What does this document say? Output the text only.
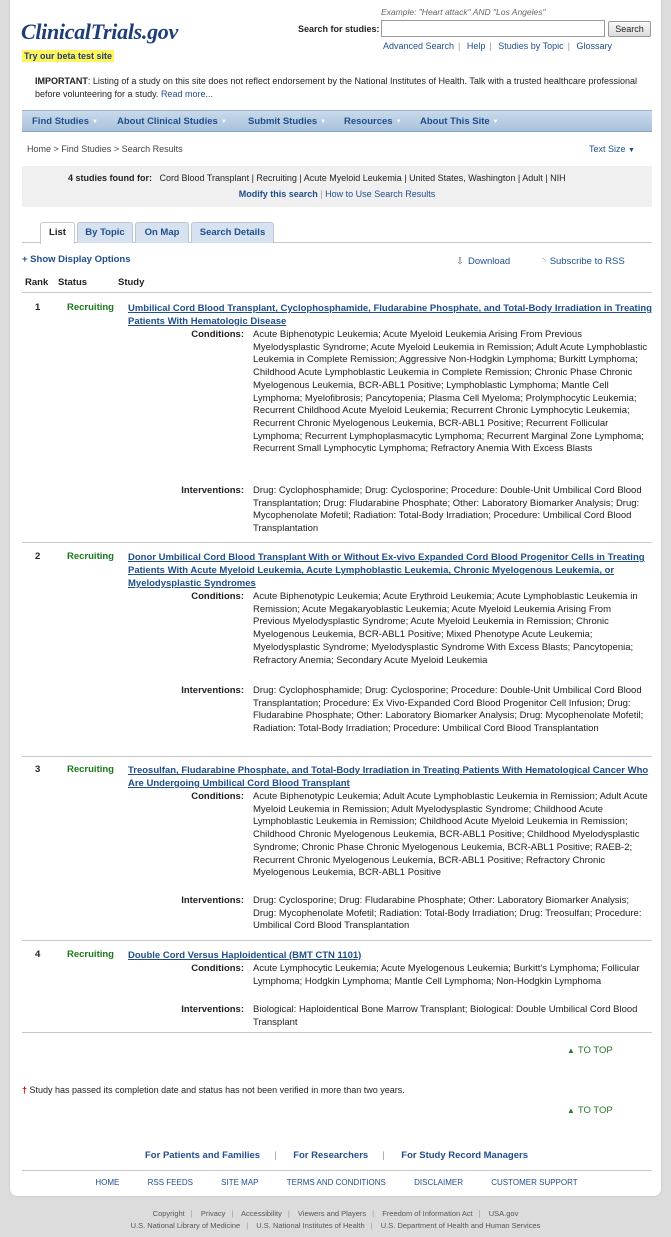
ClinicalTrials.gov
Try our beta test site
Example: "Heart attack" AND "Los Angeles"
Search for studies:	Search
Advanced Search | Help | Studies by Topic | Glossary
IMPORTANT: Listing of a study on this site does not reflect endorsement by the National Institutes of Health. Talk with a trusted healthcare professional before volunteering for a study. Read more...
Find Studies ▼ About Clinical Studies ▼ Submit Studies ▼ Resources ▼ About This Site ▼
Home > Find Studies > Search Results	Text Size ▼
4 studies found for: Cord Blood Transplant | Recruiting | Acute Myeloid Leukemia | United States, Washington | Adult | NIH
Modify this search | How to Use Search Results
List	By Topic	On Map	Search Details
+ Show Display Options	⇩ Download	◝ Subscribe to RSS
Rank Status	Study
1	Recruiting Umbilical Cord Blood Transplant, Cyclophosphamide, Fludarabine Phosphate, and Total-Body Irradiation in Treating Patients With Hematologic Disease
Conditions: Acute Biphenotypic Leukemia; Acute Myeloid Leukemia Arising From Previous Myelodysplastic Syndrome; Acute Myeloid Leukemia in Remission; Adult Acute Lymphoblastic Leukemia in Complete Remission; Aggressive Non-Hodgkin Lymphoma; Burkitt Lymphoma; Childhood Acute Lymphoblastic Leukemia in Complete Remission; Chronic Phase Chronic Myelogenous Leukemia, BCR-ABL1 Positive; Lymphoblastic Lymphoma; Mantle Cell Lymphoma; Myelofibrosis; Pancytopenia; Plasma Cell Myeloma; Prolymphocytic Leukemia; Recurrent Childhood Acute Myeloid Leukemia; Recurrent Chronic Lymphocytic Leukemia; Recurrent Chronic Myelogenous Leukemia, BCR-ABL1 Positive; Recurrent Follicular Lymphoma; Recurrent Lymphoplasmacytic Lymphoma; Recurrent Marginal Zone Lymphoma; Recurrent Small Lymphocytic Lymphoma; Refractory Anemia With Excess Blasts
Interventions: Drug: Cyclophosphamide; Drug: Cyclosporine; Procedure: Double-Unit Umbilical Cord Blood Transplantation; Drug: Fludarabine Phosphate; Other: Laboratory Biomarker Analysis; Drug: Mycophenolate Mofetil; Radiation: Total-Body Irradiation; Procedure: Umbilical Cord Blood Transplantation
2	Recruiting Donor Umbilical Cord Blood Transplant With or Without Ex-vivo Expanded Cord Blood Progenitor Cells in Treating Patients With Acute Myeloid Leukemia, Acute Lymphoblastic Leukemia, Chronic Myelogenous Leukemia, or Myelodysplastic Syndromes
Conditions: Acute Biphenotypic Leukemia; Acute Erythroid Leukemia; Acute Lymphoblastic Leukemia in Remission; Acute Megakaryoblastic Leukemia; Acute Myeloid Leukemia Arising From Previous Myelodysplastic Syndrome; Acute Myeloid Leukemia in Remission; Chronic Myelogenous Leukemia, BCR-ABL1 Positive; Mixed Phenotype Acute Leukemia; Myelodysplastic Syndrome; Myelodysplastic Syndrome With Excess Blasts; Pancytopenia; Refractory Anemia; Secondary Acute Myeloid Leukemia
Interventions: Drug: Cyclophosphamide; Drug: Cyclosporine; Procedure: Double-Unit Umbilical Cord Blood Transplantation; Procedure: Ex Vivo-Expanded Cord Blood Progenitor Cell Infusion; Drug: Fludarabine Phosphate; Other: Laboratory Biomarker Analysis; Drug: Mycophenolate Mofetil; Radiation: Total-Body Irradiation; Procedure: Umbilical Cord Blood Transplantation
3	Recruiting Treosulfan, Fludarabine Phosphate, and Total-Body Irradiation in Treating Patients With Hematological Cancer Who Are Undergoing Umbilical Cord Blood Transplant
Conditions: Acute Biphenotypic Leukemia; Adult Acute Lymphoblastic Leukemia in Remission; Adult Acute Myeloid Leukemia in Remission; Adult Myelodysplastic Syndrome; Childhood Acute Lymphoblastic Leukemia in Remission; Childhood Acute Myeloid Leukemia in Remission; Childhood Chronic Myelogenous Leukemia, BCR-ABL1 Positive; Childhood Myelodysplastic Syndrome; Chronic Phase Chronic Myelogenous Leukemia, BCR-ABL1 Positive; RAEB-2; Recurrent Chronic Myelogenous Leukemia, BCR-ABL1 Positive; Refractory Chronic Myelogenous Leukemia, BCR-ABL1 Positive
Interventions: Drug: Cyclosporine; Drug: Fludarabine Phosphate; Other: Laboratory Biomarker Analysis; Drug: Mycophenolate Mofetil; Radiation: Total-Body Irradiation; Drug: Treosulfan; Procedure: Umbilical Cord Blood Transplantation
4	Recruiting Double Cord Versus Haploidentical (BMT CTN 1101)
Conditions: Acute Lymphocytic Leukemia; Acute Myelogenous Leukemia; Burkitt's Lymphoma; Follicular Lymphoma; Hodgkin Lymphoma; Mantle Cell Lymphoma; Non-Hodgkin Lymphoma
Interventions: Biological: Haploidentical Bone Marrow Transplant; Biological: Double Umbilical Cord Blood Transplant
▲ TO TOP
† Study has passed its completion date and status has not been verified in more than two years.
▲ TO TOP
For Patients and Families | For Researchers | For Study Record Managers
HOME	RSS FEEDS	SITE MAP	TERMS AND CONDITIONS	DISCLAIMER	CUSTOMER SUPPORT
Copyright | Privacy | Accessibility | Viewers and Players | Freedom of Information Act | USA.gov
U.S. National Library of Medicine | U.S. National Institutes of Health | U.S. Department of Health and Human Services
